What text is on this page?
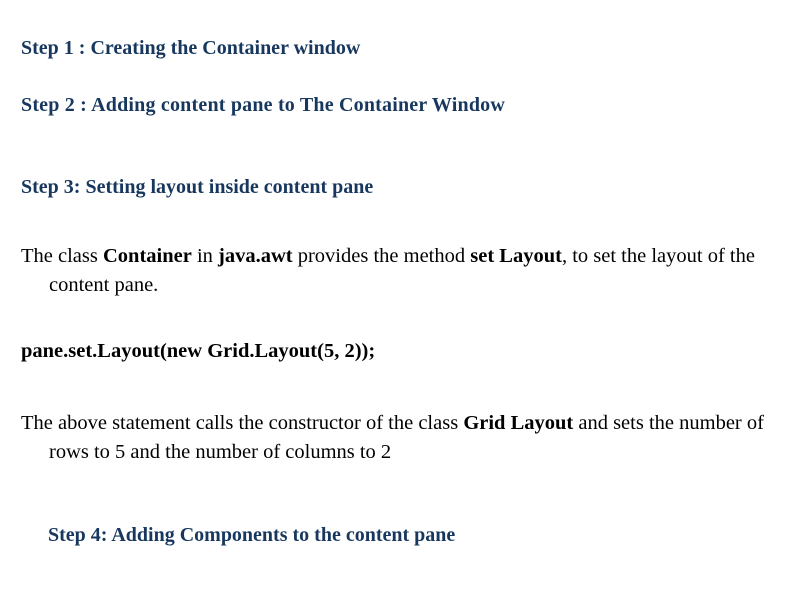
Step 1 : Creating the Container window

Step 2 : Adding content pane to The Container Window

Step 3: Setting layout inside content pane

The class Container in java.awt provides the method set Layout, to set the layout of the content pane.

pane.set.Layout(new Grid.Layout(5, 2));

The above statement calls the constructor of the class Grid Layout and sets the number of rows to 5 and the number of columns to 2

Step 4: Adding Components to the content pane
